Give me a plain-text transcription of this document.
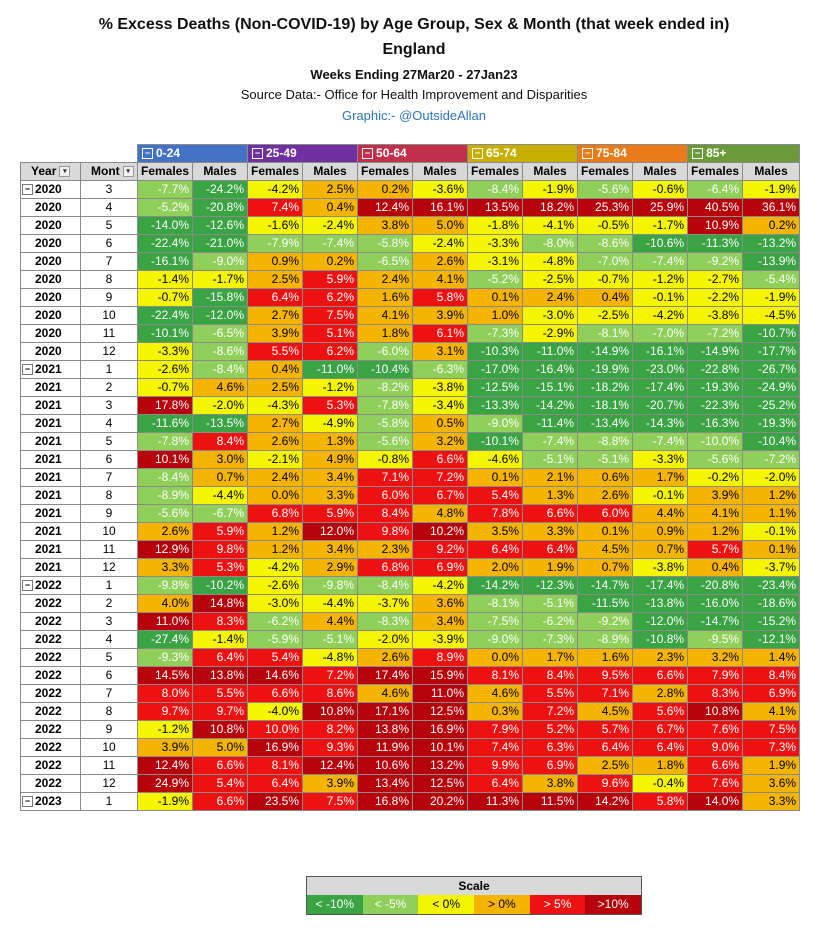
% Excess Deaths (Non-COVID-19) by Age Group, Sex & Month (that week ended in)
England
Weeks Ending 27Mar20 - 27Jan23
Source Data:- Office for Health Improvement and Disparities
Graphic:- @OutsideAllan
		− 0-24		− 25-49		− 50-64		− 65-74		− 75-84		− 85+	
Year ▾	Mont ▾	Females	Males	Females	Males	Females	Males	Females	Males	Females	Males	Females	Males
− 2020	3	-7.7%	-24.2%	-4.2%	2.5%	0.2%	-3.6%	-8.4%	-1.9%	-5.6%	-0.6%	-6.4%	-1.9%
2020	4	-5.2%	-20.8%	7.4%	0.4%	12.4%	16.1%	13.5%	18.2%	25.3%	25.9%	40.5%	36.1%
2020	5	-14.0%	-12.6%	-1.6%	-2.4%	3.8%	5.0%	-1.8%	-4.1%	-0.5%	-1.7%	10.9%	0.2%
2020	6	-22.4%	-21.0%	-7.9%	-7.4%	-5.8%	-2.4%	-3.3%	-8.0%	-8.6%	-10.6%	-11.3%	-13.2%
2020	7	-16.1%	-9.0%	0.9%	0.2%	-6.5%	2.6%	-3.1%	-4.8%	-7.0%	-7.4%	-9.2%	-13.9%
2020	8	-1.4%	-1.7%	2.5%	5.9%	2.4%	4.1%	-5.2%	-2.5%	-0.7%	-1.2%	-2.7%	-5.4%
2020	9	-0.7%	-15.8%	6.4%	6.2%	1.6%	5.8%	0.1%	2.4%	0.4%	-0.1%	-2.2%	-1.9%
2020	10	-22.4%	-12.0%	2.7%	7.5%	4.1%	3.9%	1.0%	-3.0%	-2.5%	-4.2%	-3.8%	-4.5%
2020	11	-10.1%	-6.5%	3.9%	5.1%	1.8%	6.1%	-7.3%	-2.9%	-8.1%	-7.0%	-7.2%	-10.7%
2020	12	-3.3%	-8.6%	5.5%	6.2%	-6.0%	3.1%	-10.3%	-11.0%	-14.9%	-16.1%	-14.9%	-17.7%
− 2021	1	-2.6%	-8.4%	0.4%	-11.0%	-10.4%	-6.3%	-17.0%	-16.4%	-19.9%	-23.0%	-22.8%	-26.7%
2021	2	-0.7%	4.6%	2.5%	-1.2%	-8.2%	-3.8%	-12.5%	-15.1%	-18.2%	-17.4%	-19.3%	-24.9%
2021	3	17.8%	-2.0%	-4.3%	5.3%	-7.8%	-3.4%	-13.3%	-14.2%	-18.1%	-20.7%	-22.3%	-25.2%
2021	4	-11.6%	-13.5%	2.7%	-4.9%	-5.8%	0.5%	-9.0%	-11.4%	-13.4%	-14.3%	-16.3%	-19.3%
2021	5	-7.8%	8.4%	2.6%	1.3%	-5.6%	3.2%	-10.1%	-7.4%	-8.8%	-7.4%	-10.0%	-10.4%
2021	6	10.1%	3.0%	-2.1%	4.9%	-0.8%	6.6%	-4.6%	-5.1%	-5.1%	-3.3%	-5.6%	-7.2%
2021	7	-8.4%	0.7%	2.4%	3.4%	7.1%	7.2%	0.1%	2.1%	0.6%	1.7%	-0.2%	-2.0%
2021	8	-8.9%	-4.4%	0.0%	3.3%	6.0%	6.7%	5.4%	1.3%	2.6%	-0.1%	3.9%	1.2%
2021	9	-5.6%	-6.7%	6.8%	5.9%	8.4%	4.8%	7.8%	6.6%	6.0%	4.4%	4.1%	1.1%
2021	10	2.6%	5.9%	1.2%	12.0%	9.8%	10.2%	3.5%	3.3%	0.1%	0.9%	1.2%	-0.1%
2021	11	12.9%	9.8%	1.2%	3.4%	2.3%	9.2%	6.4%	6.4%	4.5%	0.7%	5.7%	0.1%
2021	12	3.3%	5.3%	-4.2%	2.9%	6.8%	6.9%	2.0%	1.9%	0.7%	-3.8%	0.4%	-3.7%
− 2022	1	-9.8%	-10.2%	-2.6%	-9.8%	-8.4%	-4.2%	-14.2%	-12.3%	-14.7%	-17.4%	-20.8%	-23.4%
2022	2	4.0%	14.8%	-3.0%	-4.4%	-3.7%	3.6%	-8.1%	-5.1%	-11.5%	-13.8%	-16.0%	-18.6%
2022	3	11.0%	8.3%	-6.2%	4.4%	-8.3%	3.4%	-7.5%	-6.2%	-9.2%	-12.0%	-14.7%	-15.2%
2022	4	-27.4%	-1.4%	-5.9%	-5.1%	-2.0%	-3.9%	-9.0%	-7.3%	-8.9%	-10.8%	-9.5%	-12.1%
2022	5	-9.3%	6.4%	5.4%	-4.8%	2.6%	8.9%	0.0%	1.7%	1.6%	2.3%	3.2%	1.4%
2022	6	14.5%	13.8%	14.6%	7.2%	17.4%	15.9%	8.1%	8.4%	9.5%	6.6%	7.9%	8.4%
2022	7	8.0%	5.5%	6.6%	8.6%	4.6%	11.0%	4.6%	5.5%	7.1%	2.8%	8.3%	6.9%
2022	8	9.7%	9.7%	-4.0%	10.8%	17.1%	12.5%	0.3%	7.2%	4.5%	5.6%	10.8%	4.1%
2022	9	-1.2%	10.8%	10.0%	8.2%	13.8%	16.9%	7.9%	5.2%	5.7%	6.7%	7.6%	7.5%
2022	10	3.9%	5.0%	16.9%	9.3%	11.9%	10.1%	7.4%	6.3%	6.4%	6.4%	9.0%	7.3%
2022	11	12.4%	6.6%	8.1%	12.4%	10.6%	13.2%	9.9%	6.9%	2.5%	1.8%	6.6%	1.9%
2022	12	24.9%	5.4%	6.4%	3.9%	13.4%	12.5%	6.4%	3.8%	9.6%	-0.4%	7.6%	3.6%
− 2023	1	-1.9%	6.6%	23.5%	7.5%	16.8%	20.2%	11.3%	11.5%	14.2%	5.8%	14.0%	3.3%
Scale
< -10%	< -5%	< 0%	> 0%	> 5%	>10%
